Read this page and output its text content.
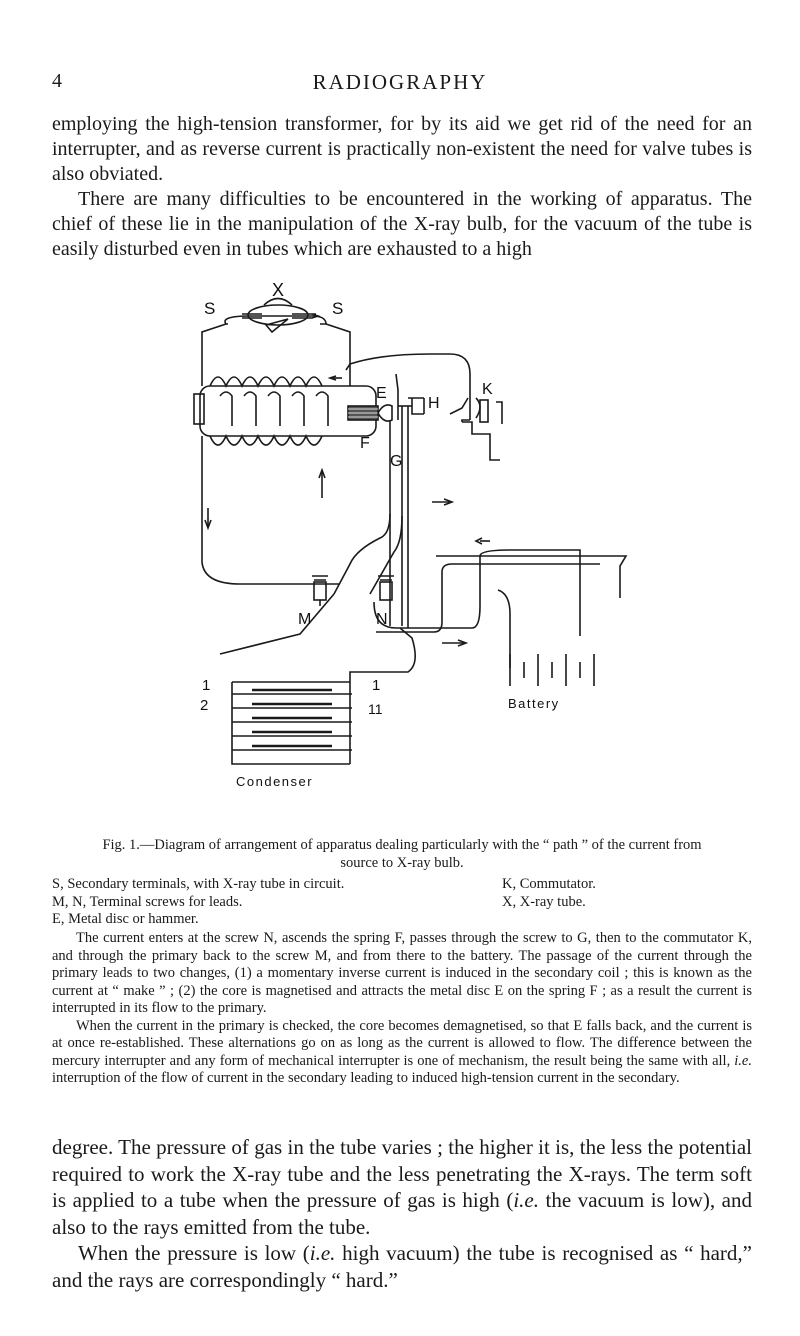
4	RADIOGRAPHY

employing the high-tension transformer, for by its aid we get rid of the need for an interrupter, and as reverse current is practically non-existent the need for valve tubes is also obviated.

There are many difficulties to be encountered in the working of apparatus. The chief of these lie in the manipulation of the X-ray bulb, for the vacuum of the tube is easily disturbed even in tubes which are exhausted to a high

X
S	S
E
F
G
H
K
M	N
1
2
1
11	Battery
Condenser
Fig. 1.—Diagram of arrangement of apparatus dealing particularly with the “ path ” of the current from source to X-ray bulb.
S, Secondary terminals, with X-ray tube in circuit.	K, Commutator.
M, N, Terminal screws for leads.	X, X-ray tube.
E, Metal disc or hammer.

The current enters at the screw N, ascends the spring F, passes through the screw to G, then to the commutator K, and through the primary back to the screw M, and from there to the battery. The passage of the current through the primary leads to two changes, (1) a momentary inverse current is induced in the secondary coil ; this is known as the current at “ make ” ; (2) the core is magnetised and attracts the metal disc E on the spring F ; as a result the current is interrupted in its flow to the primary.

When the current in the primary is checked, the core becomes demagnetised, so that E falls back, and the current is at once re-established. These alternations go on as long as the current is allowed to flow. The difference between the mercury interrupter and any form of mechanical interrupter is one of mechanism, the result being the same with all, i.e. interruption of the flow of current in the secondary leading to induced high-tension current in the secondary.

degree. The pressure of gas in the tube varies ; the higher it is, the less the potential required to work the X-ray tube and the less penetrating the X-rays. The term soft is applied to a tube when the pressure of gas is high (i.e. the vacuum is low), and also to the rays emitted from the tube.

When the pressure is low (i.e. high vacuum) the tube is recognised as “ hard,” and the rays are correspondingly “ hard.”
